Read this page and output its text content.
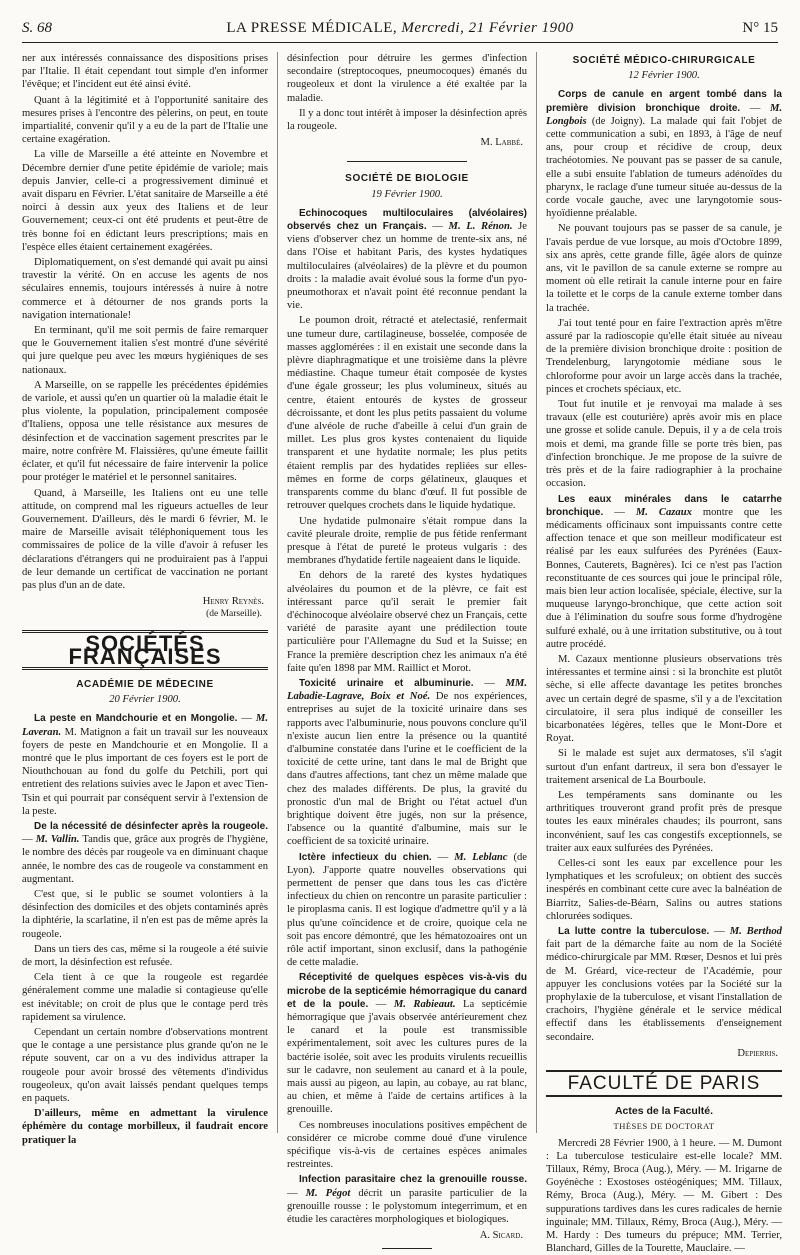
S. 68	LA PRESSE MÉDICALE, Mercredi, 21 Février 1900	N° 15

ner aux intéressés connaissance des dispositions prises par l'Italie. Il était cependant tout simple d'en informer l'évêque; et l'incident eut été ainsi évité.

Quant à la légitimité et à l'opportunité sanitaire des mesures prises à l'encontre des pèlerins, on peut, en toute impartialité, convenir qu'il y a eu de la part de l'Italie une certaine exagération.

La ville de Marseille a été atteinte en Novembre et Décembre dernier d'une petite épidémie de variole; mais depuis Janvier, celle-ci a progressivement diminué et avait disparu en Février. L'état sanitaire de Marseille a été noirci à dessin aux yeux des Italiens et de leur Gouvernement; ceux-ci ont été prudents et peut-être de très bonne foi en édictant leurs prescriptions; mais en l'espèce elles étaient certainement exagérées.

Diplomatiquement, on s'est demandé qui avait pu ainsi travestir la vérité. On en accuse les agents de nos séculaires ennemis, toujours intéressés à nuire à notre commerce et à détourner de nos grands ports la navigation internationale!

En terminant, qu'il me soit permis de faire remarquer que le Gouvernement italien s'est montré d'une sévérité qui jure quelque peu avec les mœurs hygiéniques de ses nationaux.

A Marseille, on se rappelle les précédentes épidémies de variole, et aussi qu'en un quartier où la maladie était le plus violente, la population, principalement composée d'Italiens, opposa une telle résistance aux mesures de désinfection et de vaccination sagement prescrites par le maire, notre confrère M. Flaissières, qu'une émeute faillit éclater, et qu'il fut nécessaire de faire intervenir la police pour protéger le matériel et le personnel sanitaires.

Quand, à Marseille, les Italiens ont eu une telle attitude, on comprend mal les rigueurs actuelles de leur Gouvernement. D'ailleurs, dès le mardi 6 février, M. le maire de Marseille avisait téléphoniquement tous les commissaires de police de la ville d'avoir à refuser les déclarations d'étrangers qui ne produiraient pas à l'appui de leur demande un certificat de vaccination ne portant pas plus d'un an de date.

Henry Reynès.

(de Marseille).

SOCIÉTÉS FRANÇAISES

ACADÉMIE DE MÉDECINE

20 Février 1900.

La peste en Mandchourie et en Mongolie. — M. Laveran. M. Matignon a fait un travail sur les nouveaux foyers de peste en Mandchourie et en Mongolie. Il a montré que le plus important de ces foyers est le port de Niouthchouan au fond du golfe du Petchili, port qui entretient des relations suivies avec le Japon et avec Tien-Tsin et qui pourrait par conséquent servir à l'extension de la peste.

De la nécessité de désinfecter après la rougeole. — M. Vallin. Tandis que, grâce aux progrès de l'hygiène, le nombre des décès par rougeole va en diminuant chaque année, le nombre des cas de rougeole va constamment en augmentant.

C'est que, si le public se soumet volontiers à la désinfection des domiciles et des objets contaminés après la diphtérie, la scarlatine, il n'en est pas de même après la rougeole.

Dans un tiers des cas, même si la rougeole a été suivie de mort, la désinfection est refusée.

Cela tient à ce que la rougeole est regardée généralement comme une maladie si contagieuse qu'elle est inévitable; on croit de plus que le contage perd très rapidement sa virulence.

Cependant un certain nombre d'observations montrent que le contage a une persistance plus grande qu'on ne le répute souvent, car on a vu des individus attraper la rougeole pour avoir brossé des vêtements d'individus rougeoleux, qu'on avait laissés pendant quelques temps en paquets.

D'ailleurs, même en admettant la virulence éphémère du contage morbilleux, il faudrait encore pratiquer la

désinfection pour détruire les germes d'infection secondaire (streptocoques, pneumocoques) émanés du rougeoleux et dont la virulence a été exaltée par la maladie.

Il y a donc tout intérêt à imposer la désinfection après la rougeole.

M. Labbé.

SOCIÉTÉ DE BIOLOGIE

19 Février 1900.

Echinocoques multiloculaires (alvéolaires) observés chez un Français. — M. L. Rénon. Je viens d'observer chez un homme de trente-six ans, né dans l'Oise et habitant Paris, des kystes hydatiques multiloculaires (alvéolaires) de la plèvre et du poumon droits : la maladie avait évolué sous la forme d'un pyo-pneumothorax et n'avait point été reconnue pendant la vie.

Le poumon droit, rétracté et atelectasié, renfermait une tumeur dure, cartilagineuse, bosselée, composée de masses agglomérées : il en existait une seconde dans la plèvre diaphragmatique et une troisième dans la plèvre médiastine. Chaque tumeur était composée de kystes d'une égale grosseur; les plus volumineux, situés au centre, étaient entourés de kystes de grosseur décroissante, et dont les plus petits passaient du volume d'une alvéole de ruche d'abeille à celui d'un grain de millet. Les plus gros kystes contenaient du liquide transparent et une hydatite normale; les plus petits étaient remplis par des hydatides repliées sur elles-mêmes en forme de corps gélatineux, glauques et transparents comme du blanc d'œuf. Il fut possible de retrouver quelques crochets dans le liquide hydatique.

Une hydatide pulmonaire s'était rompue dans la cavité pleurale droite, remplie de pus fétide renfermant presque à l'état de pureté le proteus vulgaris : des membranes d'hydatide fertile nageaient dans le liquide.

En dehors de la rareté des kystes hydatiques alvéolaires du poumon et de la plèvre, ce fait est intéressant parce qu'il serait le premier fait d'échinocoque alvéolaire observé chez un Français, cette variété de parasite ayant une prédilection toute particulière pour l'Allemagne du Sud et la Suisse; en France la première description chez les animaux n'a été faite qu'en 1898 par MM. Raillict et Morot.

Toxicité urinaire et albuminurie. — MM. Labadie-Lagrave, Boix et Noé. De nos expériences, entreprises au sujet de la toxicité urinaire dans ses rapports avec l'albuminurie, nous pouvons conclure qu'il n'existe aucun lien entre la présence ou la quantité d'albumine constatée dans l'urine et le coefficient de la toxicité de cette urine, tant dans le mal de Bright que dans d'autres affections, tant chez un même malade que chez des malades différents. De plus, la gravité du pronostic d'un mal de Bright ou l'état actuel d'un brightique doivent être jugés, non sur la présence, l'absence ou la quantité d'albumine, mais sur le coefficient de sa toxicité urinaire.

Ictère infectieux du chien. — M. Leblanc (de Lyon). J'apporte quatre nouvelles observations qui permettent de penser que dans tous les cas d'ictère infectieux du chien on rencontre un parasite particulier : le piroplasma canis. Il est logique d'admettre qu'il y a là plus qu'une coïncidence et de croire, quoique cela ne soit pas encore démontré, que les hématozoaires ont un rôle actif important, sinon exclusif, dans la pathogénie de cette maladie.

Réceptivité de quelques espèces vis-à-vis du microbe de la septicémie hémorragique du canard et de la poule. — M. Rabieaut. La septicémie hémorragique que j'avais observée antérieurement chez le canard et la poule est transmissible expérimentalement, soit avec les cultures pures de la bactérie isolée, soit avec les produits virulents recueillis sur le cadavre, non seulement au canard et à la poule, mais aussi au pigeon, au lapin, au cobaye, au rat blanc, au chien, et même à l'aide de certains artifices à la grenouille.

Ces nombreuses inoculations positives empêchent de considérer ce microbe comme doué d'une virulence spécifique vis-à-vis de certaines espèces animales restreintes.

Infection parasitaire chez la grenouille rousse. — M. Pégot décrit un parasite particulier de la grenouille rousse : le polystomum integerrimum, et en étudie les caractères morphologiques et biologiques.

A. Sicard.

SOCIÉTÉ MÉDICO-CHIRURGICALE

12 Février 1900.

Corps de canule en argent tombé dans la première division bronchique droite. — M. Longbois (de Joigny). La malade qui fait l'objet de cette communication a subi, en 1893, à l'âge de neuf ans, pour croup et récidive de croup, deux trachéotomies. Ne pouvant pas se passer de sa canule, elle a subi ensuite l'ablation de tumeurs adénoïdes du pharynx, le raclage d'une tumeur située au-dessus de la corde vocale gauche, avec une laryngotomie sous-hyoïdienne préalable.

Ne pouvant toujours pas se passer de sa canule, je l'avais perdue de vue lorsque, au mois d'Octobre 1899, six ans après, cette grande fille, âgée alors de quinze ans, vit le pavillon de sa canule externe se rompre au moment où elle retirait la canule interne pour en faire la toilette et le corps de la canule externe tomber dans la trachée.

J'ai tout tenté pour en faire l'extraction après m'être assuré par la radioscopie qu'elle était située au niveau de la première division bronchique droite : position de Trendelenburg, laryngotomie médiane sous le chloroforme pour avoir un large accès dans la trachée, pinces et crochets spéciaux, etc.

Tout fut inutile et je renvoyai ma malade à ses travaux (elle est couturière) après avoir mis en place une grosse et solide canule. Depuis, il y a de cela trois mois et demi, ma grande fille se porte très bien, pas d'infection bronchique. Je me propose de la suivre de très près et de la faire radiographier à la prochaine occasion.

Les eaux minérales dans le catarrhe bronchique. — M. Cazaux montre que les médicaments officinaux sont impuissants contre cette affection tenace et que son meilleur modificateur est réalisé par les eaux sulfurées des Pyrénées (Eaux-Bonnes, Cauterets, Bagnères). Ici ce n'est pas l'action reconstituante de ces sources qui joue le principal rôle, mais bien leur action localisée, spéciale, élective, sur la muqueuse laryngo-bronchique, que cette action soit due à l'élimination du soufre sous forme d'hydrogène sulfuré exhalé, ou à une irritation substitutive, ou à tout autre procédé.

M. Cazaux mentionne plusieurs observations très intéressantes et termine ainsi : si la bronchite est plutôt sèche, si elle affecte davantage les petites bronches avec un certain degré de spasme, s'il y a de l'excitation circulatoire, il sera plus indiqué de conseiller les bicarbonatées légères, telles que le Mont-Dore et Royat.

Si le malade est sujet aux dermatoses, s'il s'agit surtout d'un enfant dartreux, il sera bon d'essayer le traitement arsenical de La Bourboule.

Les tempéraments sans dominante ou les arthritiques trouveront grand profit près de presque toutes les eaux minérales chaudes; ils pourront, sans inconvénient, sauf les cas congestifs exceptionnels, se traiter aux eaux sulfurées des Pyrénées.

Celles-ci sont les eaux par excellence pour les lymphatiques et les scrofuleux; on obtient des succès inespérés en combinant cette cure avec la balnéation de Biarritz, Salies-de-Béarn, Salins ou autres stations chlorurées sodiques.

La lutte contre la tuberculose. — M. Berthod fait part de la démarche faite au nom de la Société médico-chirurgicale par MM. Rœser, Desnos et lui près de M. Gréard, vice-recteur de l'Académie, pour appuyer les conclusions votées par la Société sur la prophylaxie de la tuberculose, et visant l'installation de crachoirs, l'hygiène générale et le service médical effectif dans les établissements d'enseignement secondaire.

Depierris.

FACULTÉ DE PARIS

Actes de la Faculté.

THÈSES DE DOCTORAT

Mercredi 28 Février 1900, à 1 heure. — M. Dumont : La tuberculose testiculaire est-elle locale? MM. Tillaux, Rémy, Broca (Aug.), Méry. — M. Irigarne de Goyénèche : Exostoses ostéogéniques; MM. Tillaux, Rémy, Broca (Aug.), Méry. — M. Gibert : Des suppurations tardives dans les cures radicales de hernie inguinale; MM. Tillaux, Rémy, Broca (Aug.), Méry. — M. Hardy : Des tumeurs du prépuce; MM. Terrier, Blanchard, Gilles de la Tourette, Mauclaire. —
